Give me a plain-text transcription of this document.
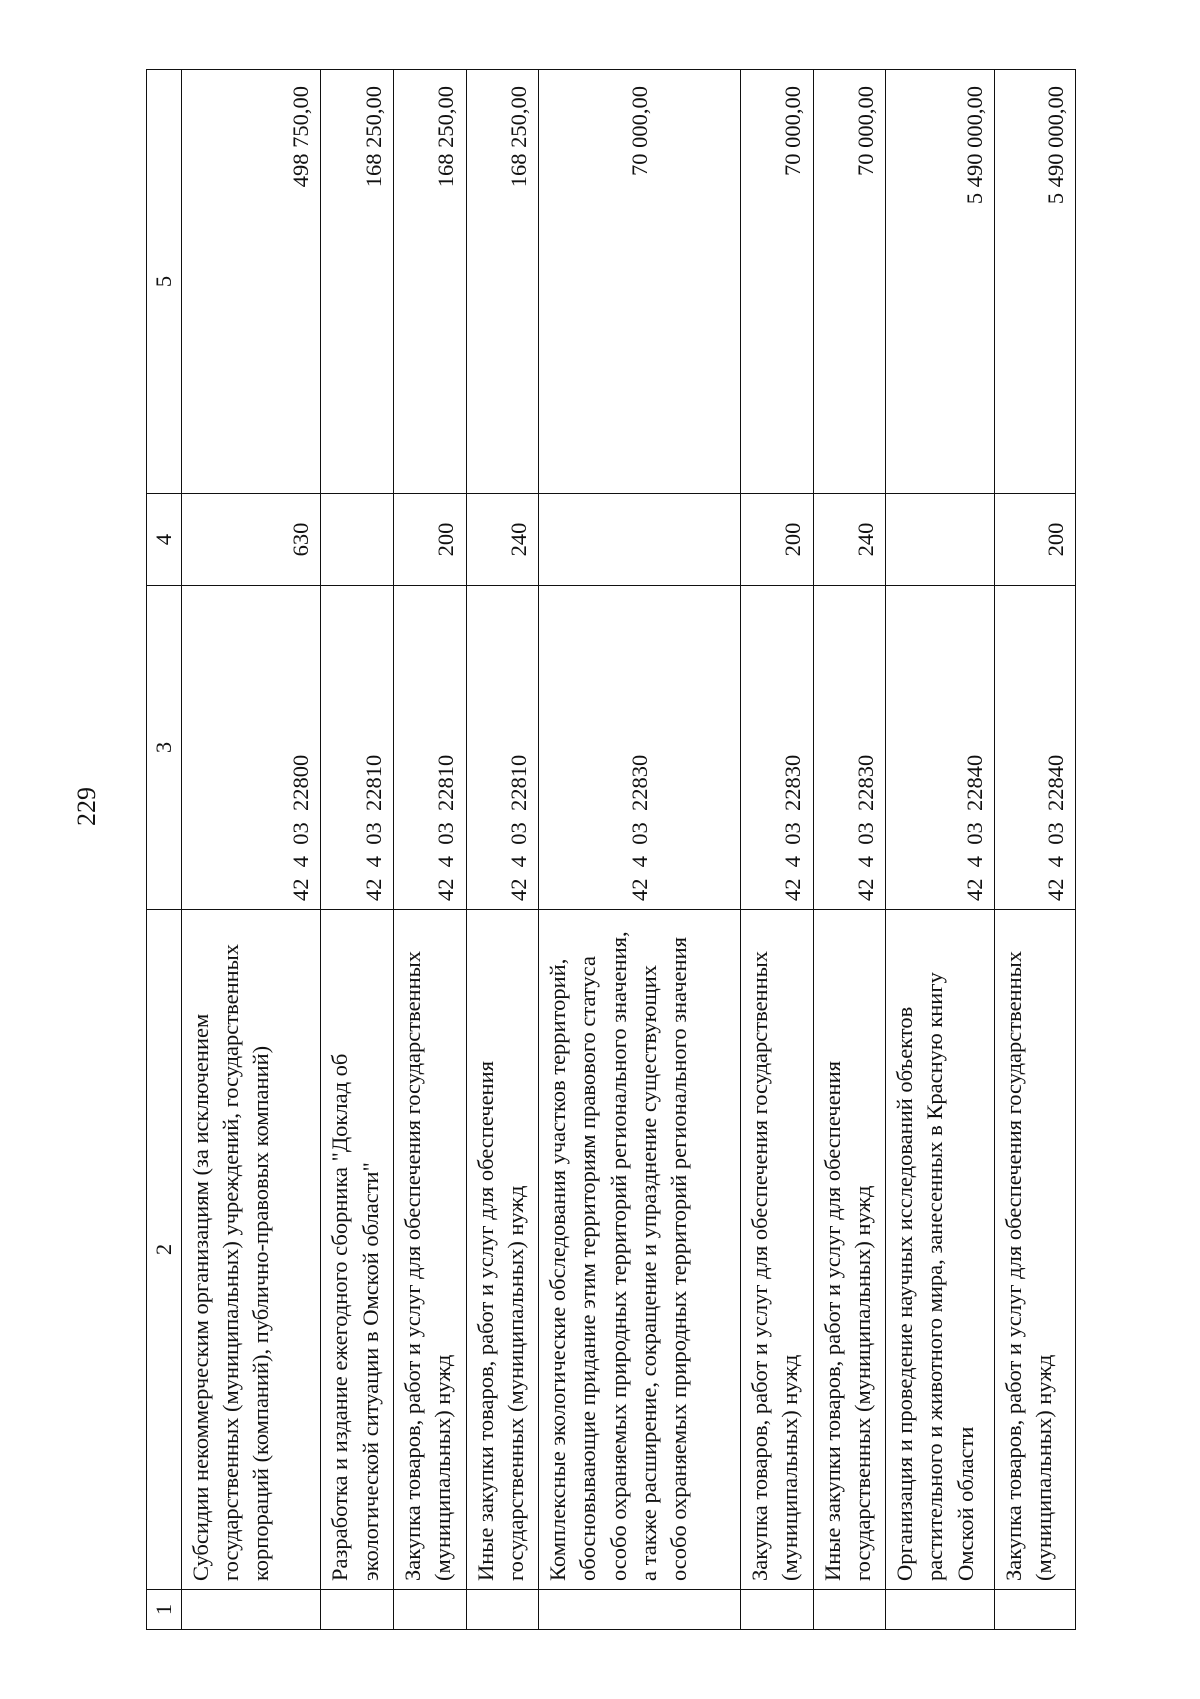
229
1	2	3	4	5
	Субсидии некоммерческим организациям (за исключением государственных (муниципальных) учреждений, государственных корпораций (компаний), публично-правовых компаний)	42  4  03  22800	630	498 750,00
	Разработка и издание ежегодного сборника "Доклад об экологической ситуации в Омской области"	42  4  03  22810		168 250,00
	Закупка товаров, работ и услуг для обеспечения государственных (муниципальных) нужд	42  4  03  22810	200	168 250,00
	Иные закупки товаров, работ и услуг для обеспечения государственных (муниципальных) нужд	42  4  03  22810	240	168 250,00
	Комплексные экологические обследования участков территорий, обосновывающие придание этим территориям правового статуса особо охраняемых природных территорий регионального значения, а также расширение, сокращение и упразднение существующих особо охраняемых природных территорий регионального значения	42  4  03  22830		70 000,00
	Закупка товаров, работ и услуг для обеспечения государственных (муниципальных) нужд	42  4  03  22830	200	70 000,00
	Иные закупки товаров, работ и услуг для обеспечения государственных (муниципальных) нужд	42  4  03  22830	240	70 000,00
	Организация и проведение научных исследований объектов растительного и животного мира, занесенных в Красную книгу Омской области	42  4  03  22840		5 490 000,00
	Закупка товаров, работ и услуг для обеспечения государственных (муниципальных) нужд	42  4  03  22840	200	5 490 000,00
